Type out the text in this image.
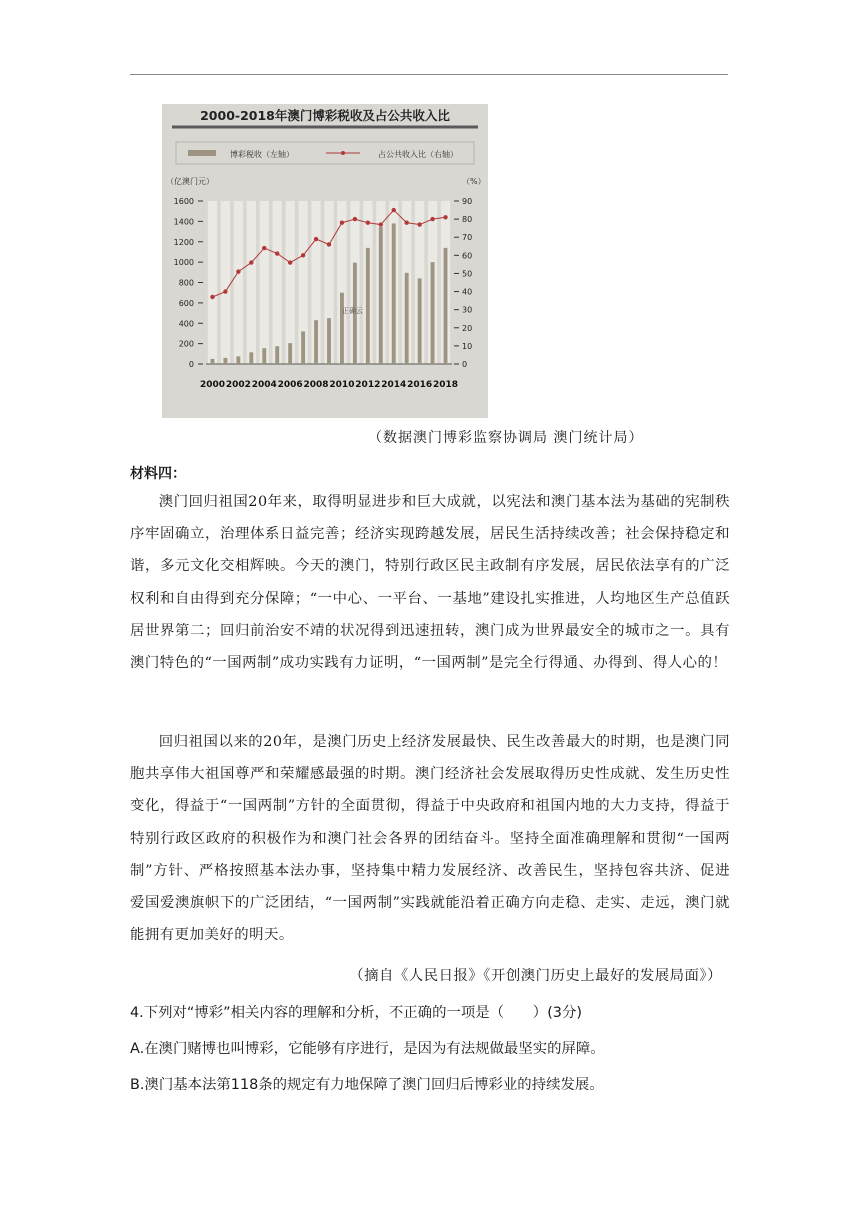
2000-2018年澳门博彩税收及占公共收入比
博彩税收（左轴）	占公共收入比（右轴）
（亿澳门元）	（%）
0
200
400
600
800
1000
1200
1400
1600
0
10
20
30
40
50
60
70
80
90
2000 2002 2004 2006 2008 2010 2012 2014 2016 2018
正确云
（数据澳门博彩监察协调局 澳门统计局）
材料四：

澳门回归祖国20年来，取得明显进步和巨大成就，以宪法和澳门基本法为基础的宪制秩序牢固确立，治理体系日益完善；经济实现跨越发展，居民生活持续改善；社会保持稳定和谐，多元文化交相辉映。今天的澳门，特别行政区民主政制有序发展，居民依法享有的广泛权利和自由得到充分保障；“一中心、一平台、一基地”建设扎实推进，人均地区生产总值跃居世界第二；回归前治安不靖的状况得到迅速扭转，澳门成为世界最安全的城市之一。具有澳门特色的“一国两制”成功实践有力证明，“一国两制”是完全行得通、办得到、得人心的！

回归祖国以来的20年，是澳门历史上经济发展最快、民生改善最大的时期，也是澳门同胞共享伟大祖国尊严和荣耀感最强的时期。澳门经济社会发展取得历史性成就、发生历史性变化，得益于“一国两制”方针的全面贯彻，得益于中央政府和祖国内地的大力支持，得益于特别行政区政府的积极作为和澳门社会各界的团结奋斗。坚持全面准确理解和贯彻“一国两制”方针、严格按照基本法办事，坚持集中精力发展经济、改善民生，坚持包容共济、促进爱国爱澳旗帜下的广泛团结，“一国两制”实践就能沿着正确方向走稳、走实、走远，澳门就能拥有更加美好的明天。

（摘自《人民日报》《开创澳门历史上最好的发展局面》）
4.下列对“博彩”相关内容的理解和分析，不正确的一项是（　　）(3分)
A.在澳门赌博也叫博彩，它能够有序进行，是因为有法规做最坚实的屏障。
B.澳门基本法第118条的规定有力地保障了澳门回归后博彩业的持续发展。
